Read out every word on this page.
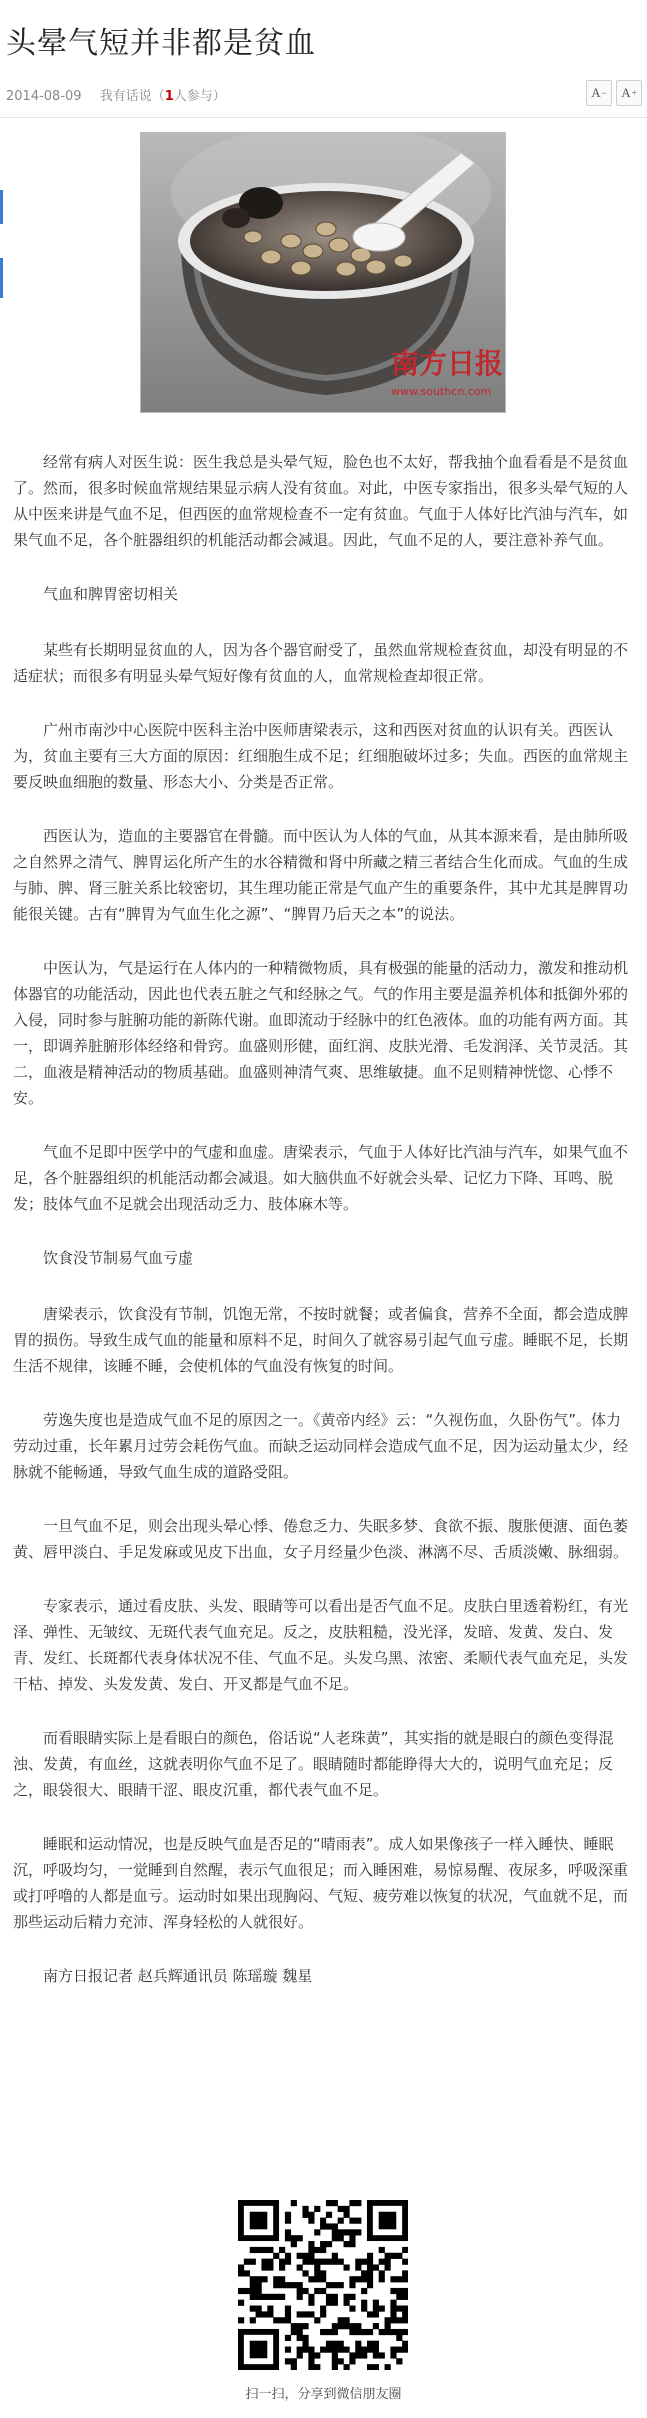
头晕气短并非都是贫血
2014-08-09 我有话说（1人参与）	A − A +
南方日报
www.southcn.com

经常有病人对医生说：医生我总是头晕气短，脸色也不太好，帮我抽个血看看是不是贫血了。然而，很多时候血常规结果显示病人没有贫血。对此，中医专家指出，很多头晕气短的人从中医来讲是气血不足，但西医的血常规检查不一定有贫血。气血于人体好比汽油与汽车，如果气血不足，各个脏器组织的机能活动都会减退。因此，气血不足的人，要注意补养气血。

气血和脾胃密切相关

某些有长期明显贫血的人，因为各个器官耐受了，虽然血常规检查贫血，却没有明显的不适症状；而很多有明显头晕气短好像有贫血的人，血常规检查却很正常。

广州市南沙中心医院中医科主治中医师唐梁表示，这和西医对贫血的认识有关。西医认为，贫血主要有三大方面的原因：红细胞生成不足；红细胞破坏过多；失血。西医的血常规主要反映血细胞的数量、形态大小、分类是否正常。

西医认为，造血的主要器官在骨髓。而中医认为人体的气血，从其本源来看，是由肺所吸之自然界之清气、脾胃运化所产生的水谷精微和肾中所藏之精三者结合生化而成。气血的生成与肺、脾、肾三脏关系比较密切，其生理功能正常是气血产生的重要条件，其中尤其是脾胃功能很关键。古有“脾胃为气血生化之源”、“脾胃乃后天之本”的说法。

中医认为，气是运行在人体内的一种精微物质，具有极强的能量的活动力，激发和推动机体器官的功能活动，因此也代表五脏之气和经脉之气。气的作用主要是温养机体和抵御外邪的入侵，同时参与脏腑功能的新陈代谢。血即流动于经脉中的红色液体。血的功能有两方面。其一，即调养脏腑形体经络和骨窍。血盛则形健，面红润、皮肤光滑、毛发润泽、关节灵活。其二，血液是精神活动的物质基础。血盛则神清气爽、思维敏捷。血不足则精神恍惚、心悸不安。

气血不足即中医学中的气虚和血虚。唐梁表示，气血于人体好比汽油与汽车，如果气血不足，各个脏器组织的机能活动都会减退。如大脑供血不好就会头晕、记忆力下降、耳鸣、脱发；肢体气血不足就会出现活动乏力、肢体麻木等。

饮食没节制易气血亏虚

唐梁表示，饮食没有节制，饥饱无常，不按时就餐；或者偏食，营养不全面，都会造成脾胃的损伤。导致生成气血的能量和原料不足，时间久了就容易引起气血亏虚。睡眠不足，长期生活不规律，该睡不睡，会使机体的气血没有恢复的时间。

劳逸失度也是造成气血不足的原因之一。《黄帝内经》云：“久视伤血，久卧伤气”。体力劳动过重，长年累月过劳会耗伤气血。而缺乏运动同样会造成气血不足，因为运动量太少，经脉就不能畅通，导致气血生成的道路受阻。

一旦气血不足，则会出现头晕心悸、倦怠乏力、失眠多梦、食欲不振、腹胀便溏、面色萎黄、唇甲淡白、手足发麻或见皮下出血，女子月经量少色淡、淋漓不尽、舌质淡嫩、脉细弱。

专家表示，通过看皮肤、头发、眼睛等可以看出是否气血不足。皮肤白里透着粉红，有光泽、弹性、无皱纹、无斑代表气血充足。反之，皮肤粗糙，没光泽，发暗、发黄、发白、发青、发红、长斑都代表身体状况不佳、气血不足。头发乌黑、浓密、柔顺代表气血充足，头发干枯、掉发、头发发黄、发白、开叉都是气血不足。

而看眼睛实际上是看眼白的颜色，俗话说“人老珠黄”，其实指的就是眼白的颜色变得混浊、发黄，有血丝，这就表明你气血不足了。眼睛随时都能睁得大大的，说明气血充足；反之，眼袋很大、眼睛干涩、眼皮沉重，都代表气血不足。

睡眠和运动情况，也是反映气血是否足的“晴雨表”。成人如果像孩子一样入睡快、睡眠沉，呼吸均匀，一觉睡到自然醒，表示气血很足；而入睡困难，易惊易醒、夜尿多，呼吸深重或打呼噜的人都是血亏。运动时如果出现胸闷、气短、疲劳难以恢复的状况，气血就不足，而那些运动后精力充沛、浑身轻松的人就很好。

南方日报记者 赵兵辉通讯员 陈瑶璇 魏星

扫一扫，分享到微信朋友圈
